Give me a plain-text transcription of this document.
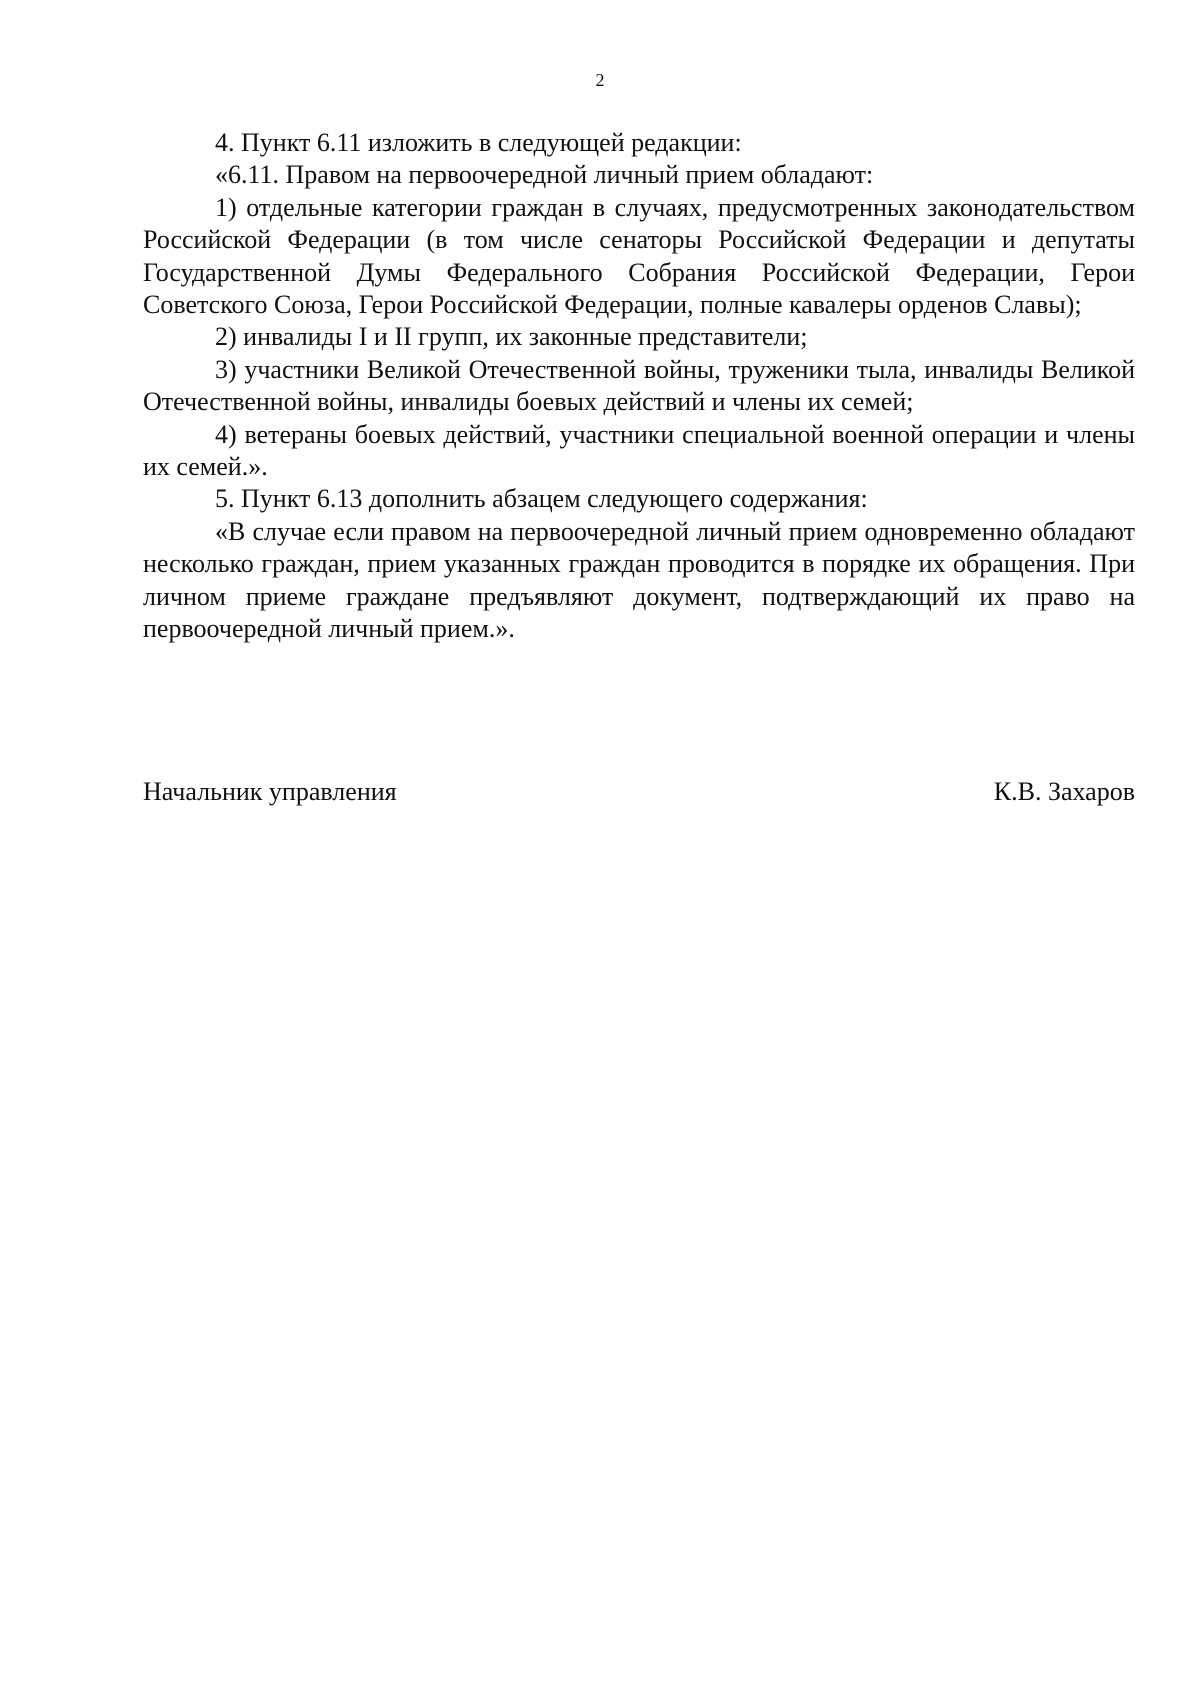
2

4. Пункт 6.11 изложить в следующей редакции:

«6.11. Правом на первоочередной личный прием обладают:

1) отдельные категории граждан в случаях, предусмотренных законодательством Российской Федерации (в том числе сенаторы Российской Федерации и депутаты Государственной Думы Федерального Собрания Российской Федерации, Герои Советского Союза, Герои Российской Федерации, полные кавалеры орденов Славы);

2) инвалиды I и II групп, их законные представители;

3) участники Великой Отечественной войны, труженики тыла, инвалиды Великой Отечественной войны, инвалиды боевых действий и члены их семей;

4) ветераны боевых действий, участники специальной военной операции и члены их семей.».

5. Пункт 6.13 дополнить абзацем следующего содержания:

«В случае если правом на первоочередной личный прием одновременно обладают несколько граждан, прием указанных граждан проводится в порядке их обращения. При личном приеме граждане предъявляют документ, подтверждающий их право на первоочередной личный прием.».

Начальник управления	К.В. Захаров
